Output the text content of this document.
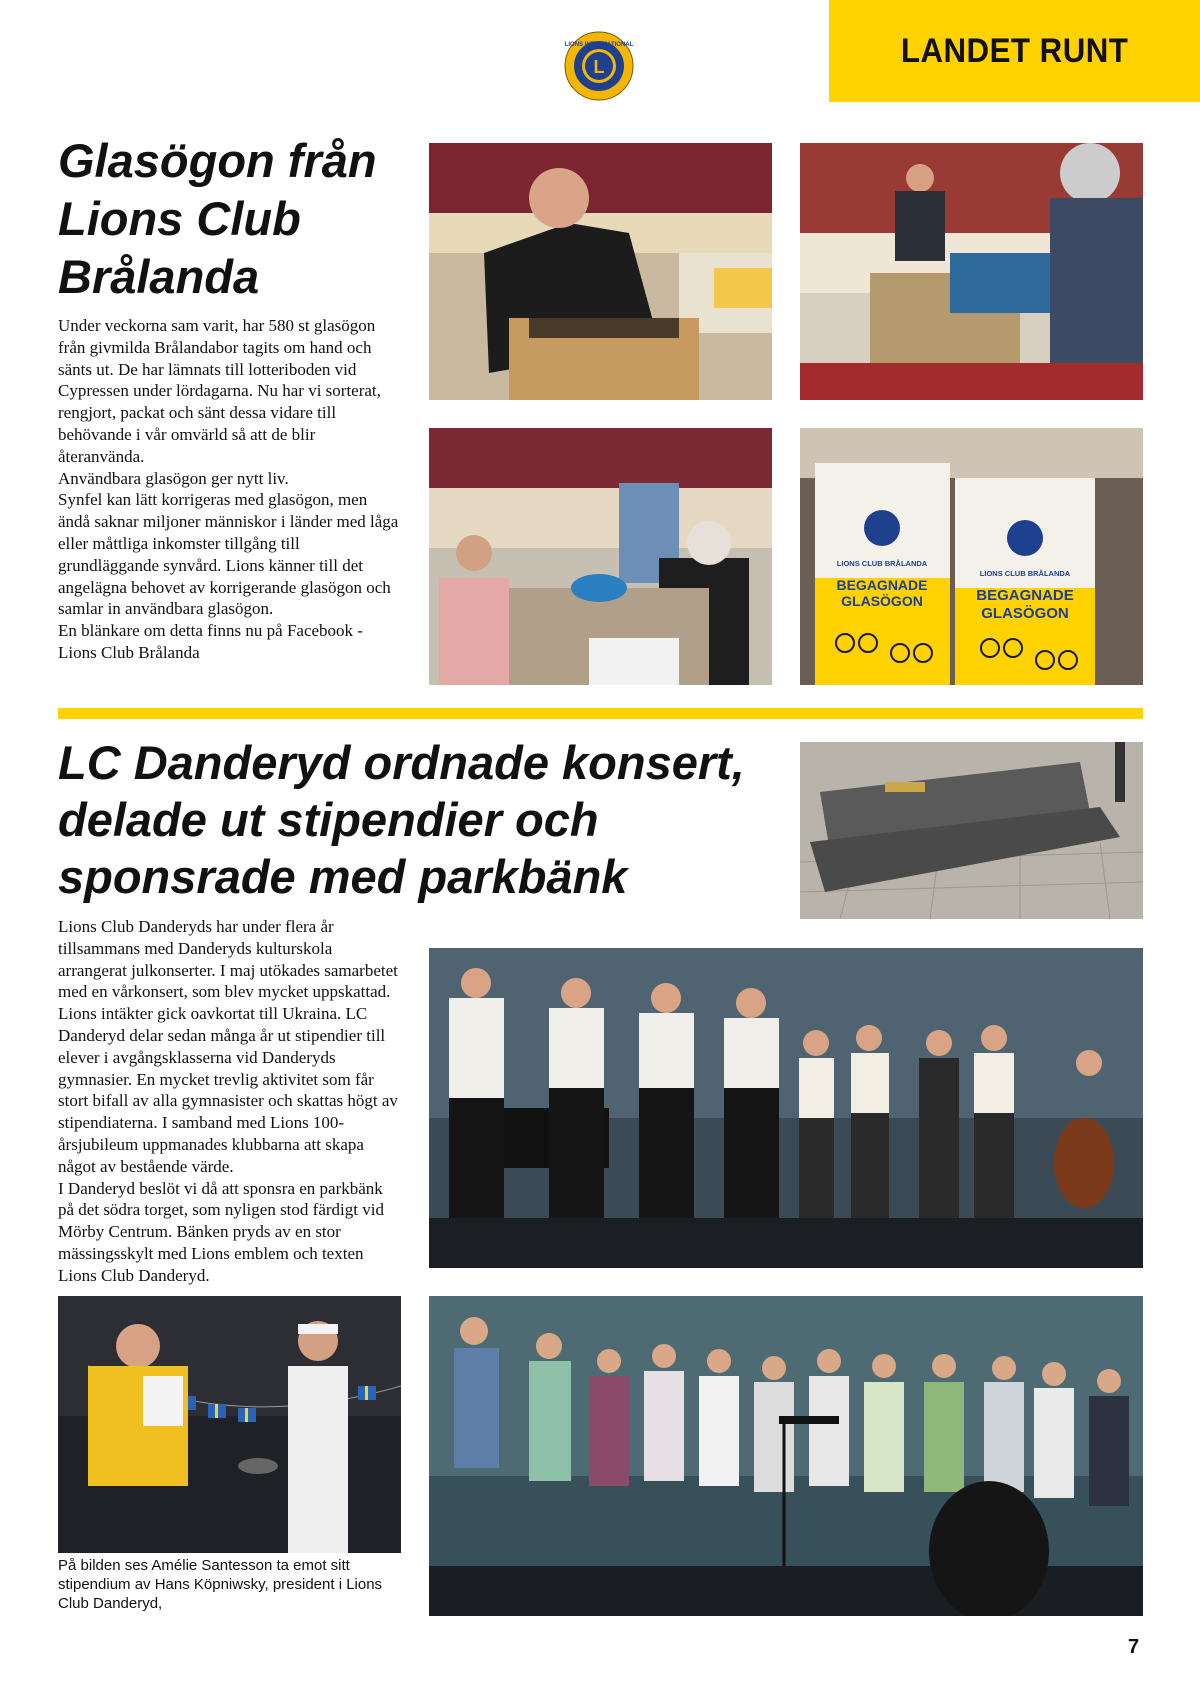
LANDET RUNT
L
LIONS INTERNATIONAL
Glasögon från Lions Club Brålanda

Under veckorna sam varit, har 580 st glasögon från givmilda Brålandabor tagits om hand och sänts ut. De har lämnats till lotteriboden vid Cypressen under lördagarna. Nu har vi sorterat, rengjort, packat och sänt dessa vidare till behövande i vår omvärld så att de blir återanvända.
Användbara glasögon ger nytt liv.
Synfel kan lätt korrigeras med glasögon, men ändå saknar miljoner människor i länder med låga eller måttliga inkomster tillgång till grundläggande synvård. Lions känner till det angelägna behovet av korrigerande glasögon och samlar in användbara glasögon.
En blänkare om detta finns nu på Facebook - Lions Club Brålanda

LIONS CLUB BRÅLANDA
LIONS CLUB BRÅLANDA
BEGAGNADE
GLASÖGON	BEGAGNADE
GLASÖGON
LC Danderyd ordnade konsert, delade ut stipendier och sponsrade med parkbänk

Lions Club Danderyds har under flera år tillsammans med Danderyds kulturskola arrangerat julkonserter. I maj utökades samarbetet med en vårkonsert, som blev mycket uppskattad. Lions intäkter gick oavkortat till Ukraina. LC Danderyd delar sedan många år ut stipendier till elever i avgångsklasserna vid Danderyds gymnasier. En mycket trevlig aktivitet som får stort bifall av alla gymnasister och skattas högt av stipendiaterna. I samband med Lions 100-årsjubileum uppmanades klubbarna att skapa något av bestående värde.
I Danderyd beslöt vi då att sponsra en parkbänk på det södra torget, som nyligen stod färdigt vid Mörby Centrum. Bänken pryds av en stor mässingsskylt med Lions emblem och texten Lions Club Danderyd.

På bilden ses Amélie Santesson ta emot sitt stipendium av Hans Köpniwsky, president i Lions Club Danderyd,

7
